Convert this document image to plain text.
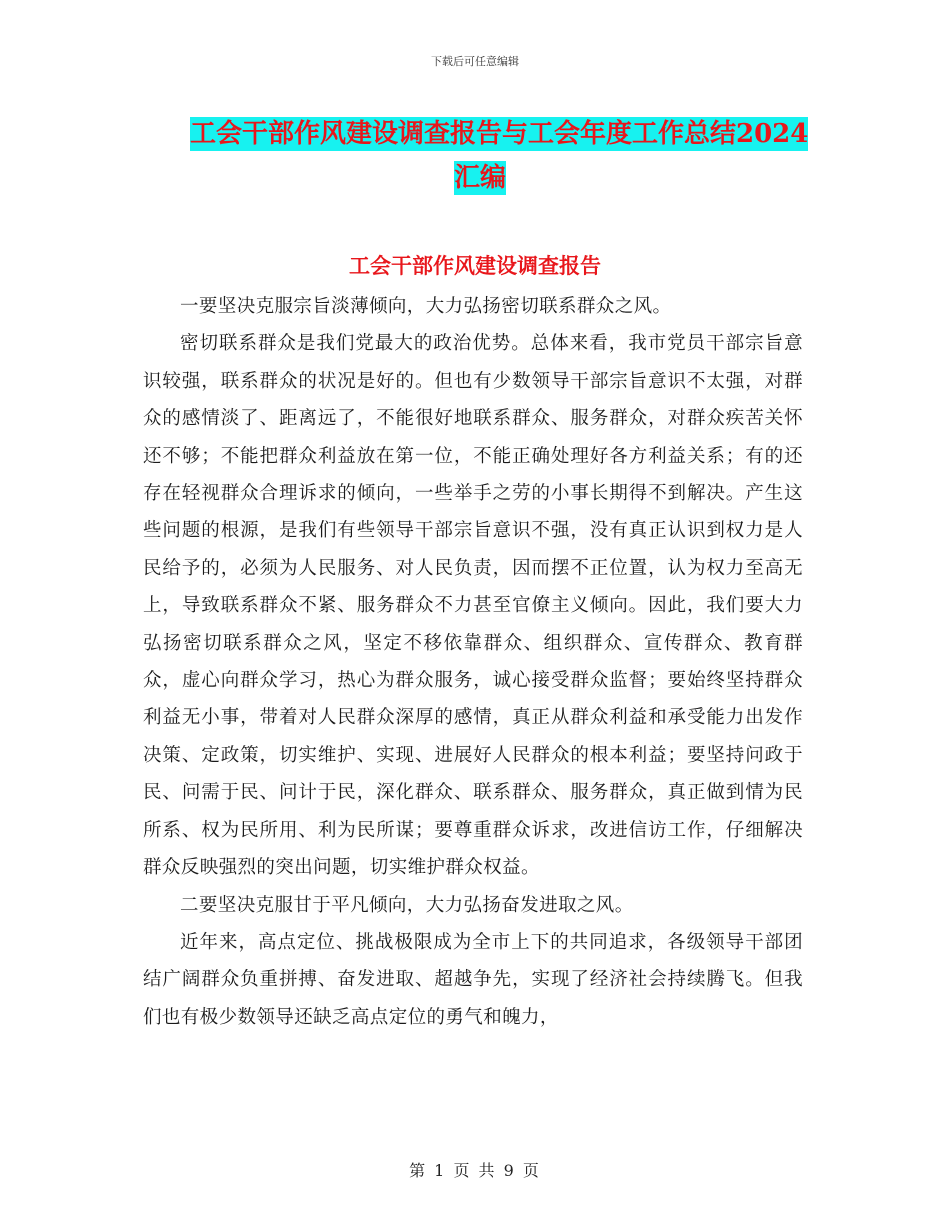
下载后可任意编辑
工会干部作风建设调查报告与工会年度工作总结2024
汇编
工会干部作风建设调查报告

一要坚决克服宗旨淡薄倾向，大力弘扬密切联系群众之风。

密切联系群众是我们党最大的政治优势。总体来看，我市党员干部宗旨意识较强，联系群众的状况是好的。但也有少数领导干部宗旨意识不太强，对群众的感情淡了、距离远了，不能很好地联系群众、服务群众，对群众疾苦关怀还不够；不能把群众利益放在第一位，不能正确处理好各方利益关系；有的还存在轻视群众合理诉求的倾向，一些举手之劳的小事长期得不到解决。产生这些问题的根源，是我们有些领导干部宗旨意识不强，没有真正认识到权力是人民给予的，必须为人民服务、对人民负责，因而摆不正位置，认为权力至高无上，导致联系群众不紧、服务群众不力甚至官僚主义倾向。因此，我们要大力弘扬密切联系群众之风，坚定不移依靠群众、组织群众、宣传群众、教育群众，虚心向群众学习，热心为群众服务，诚心接受群众监督；要始终坚持群众利益无小事，带着对人民群众深厚的感情，真正从群众利益和承受能力出发作决策、定政策，切实维护、实现、进展好人民群众的根本利益；要坚持问政于民、问需于民、问计于民，深化群众、联系群众、服务群众，真正做到情为民所系、权为民所用、利为民所谋；要尊重群众诉求，改进信访工作，仔细解决群众反映强烈的突出问题，切实维护群众权益。

二要坚决克服甘于平凡倾向，大力弘扬奋发进取之风。

近年来，高点定位、挑战极限成为全市上下的共同追求，各级领导干部团结广阔群众负重拼搏、奋发进取、超越争先，实现了经济社会持续腾飞。但我们也有极少数领导还缺乏高点定位的勇气和魄力，

第 1 页 共 9 页
